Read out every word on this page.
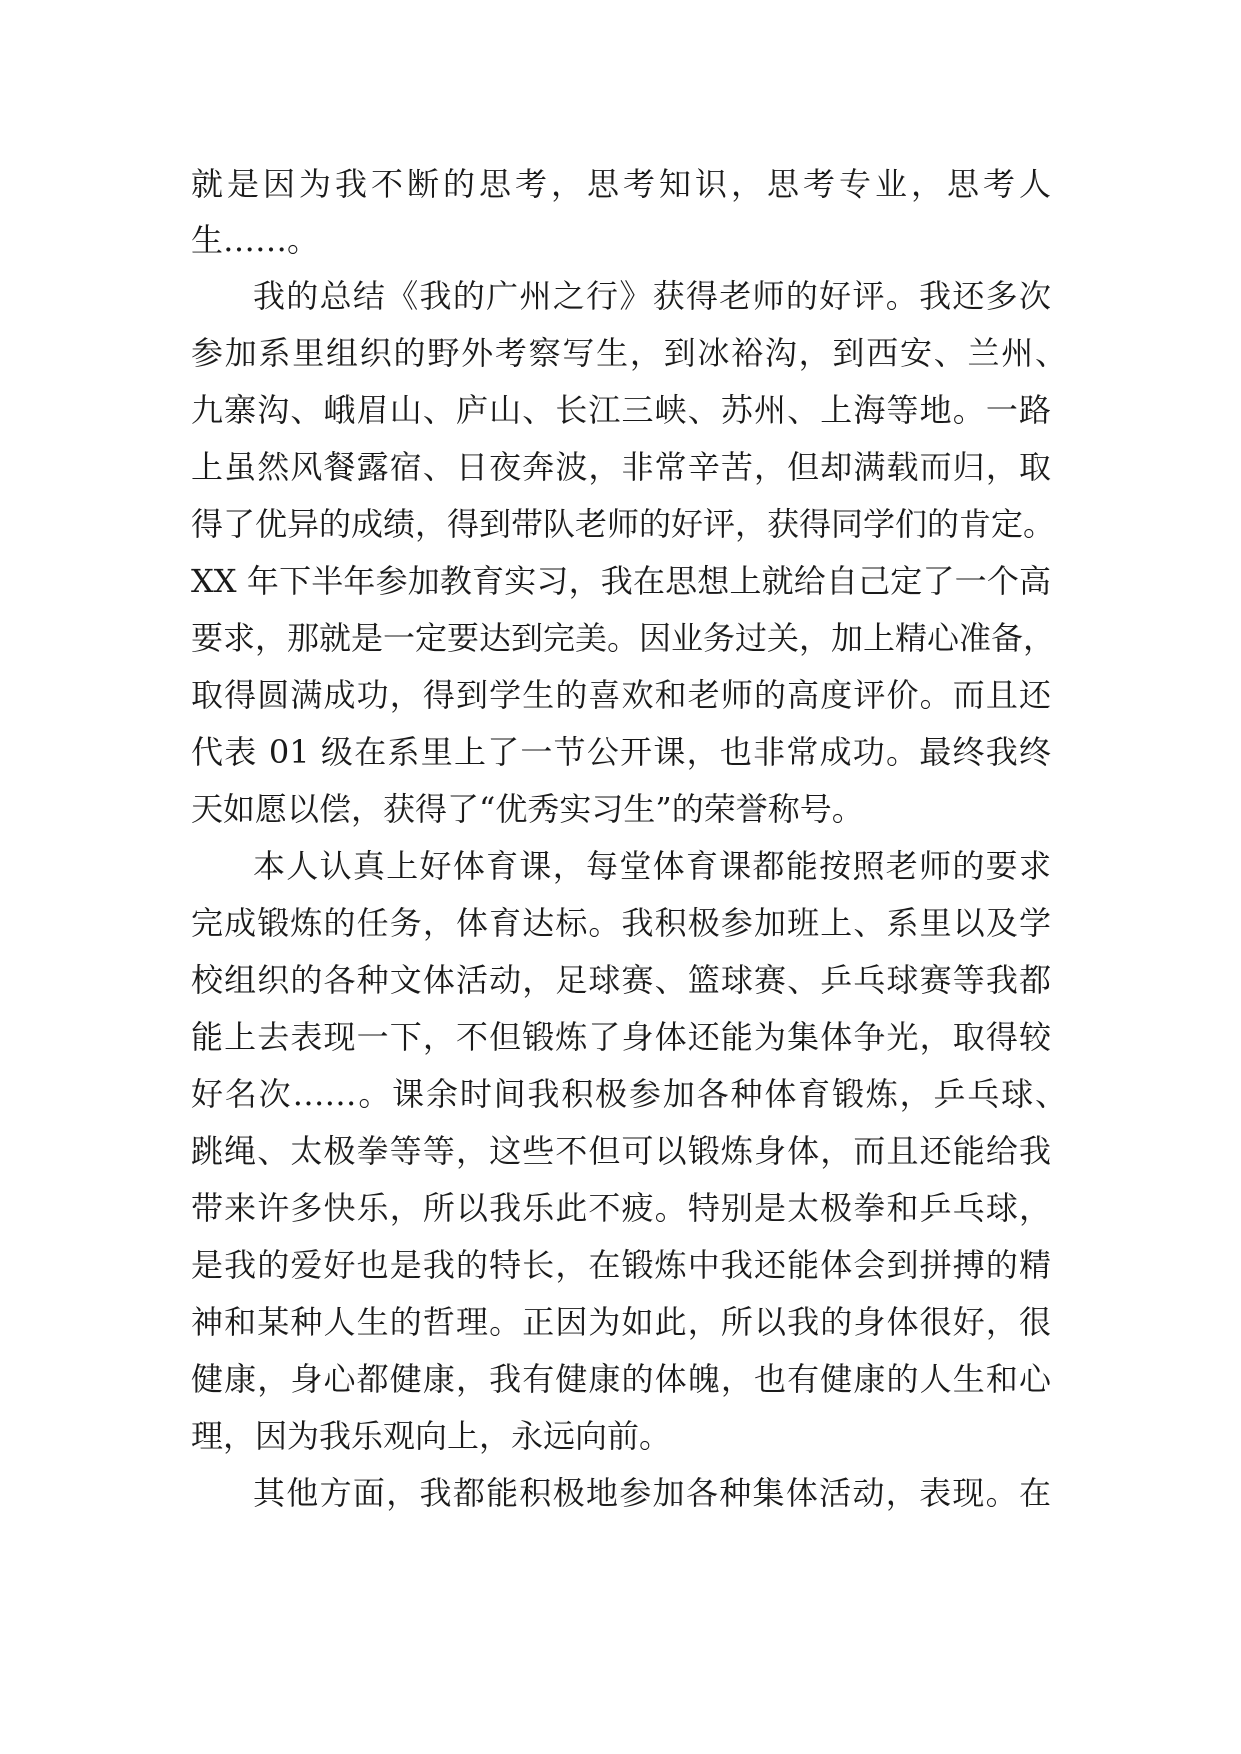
就是因为我不断的思考，思考知识，思考专业，思考人
生……。
我的总结《我的广州之行》获得老师的好评。我还多次
参加系里组织的野外考察写生，到冰裕沟，到西安、兰州、
九寨沟、峨眉山、庐山、长江三峡、苏州、上海等地。一路
上虽然风餐露宿、日夜奔波，非常辛苦，但却满载而归，取
得了优异的成绩，得到带队老师的好评，获得同学们的肯定。
XX 年下半年参加教育实习，我在思想上就给自己定了一个高
要求，那就是一定要达到完美。因业务过关，加上精心准备，
取得圆满成功，得到学生的喜欢和老师的高度评价。而且还
代表 01 级在系里上了一节公开课，也非常成功。最终我终
天如愿以偿，获得了“优秀实习生”的荣誉称号。
本人认真上好体育课，每堂体育课都能按照老师的要求
完成锻炼的任务，体育达标。我积极参加班上、系里以及学
校组织的各种文体活动，足球赛、篮球赛、乒乓球赛等我都
能上去表现一下，不但锻炼了身体还能为集体争光，取得较
好名次……。课余时间我积极参加各种体育锻炼，乒乓球、
跳绳、太极拳等等，这些不但可以锻炼身体，而且还能给我
带来许多快乐，所以我乐此不疲。特别是太极拳和乒乓球，
是我的爱好也是我的特长，在锻炼中我还能体会到拼搏的精
神和某种人生的哲理。正因为如此，所以我的身体很好，很
健康，身心都健康，我有健康的体魄，也有健康的人生和心
理，因为我乐观向上，永远向前。
其他方面，我都能积极地参加各种集体活动，表现。在
